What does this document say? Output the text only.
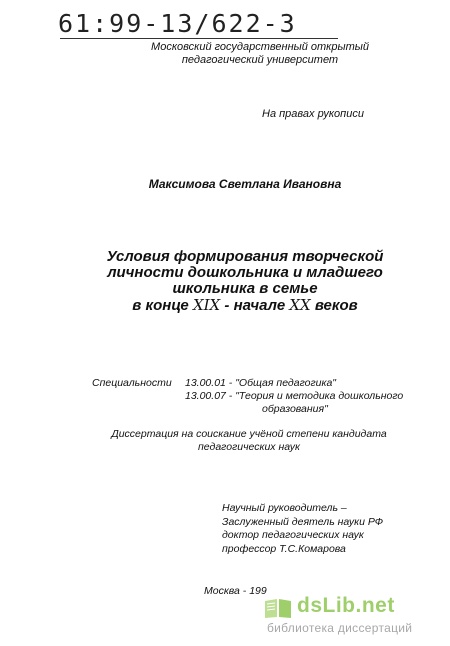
61:99-13/622-3
Московский государственный открытый
педагогический университет
На правах рукописи
Максимова Светлана Ивановна
Условия формирования творческой
личности дошкольника и младшего
школьника в семье
в конце XIX - начале XX веков
Специальности	13.00.01 - "Общая педагогика"
13.00.07 - "Теория и методика дошкольного
образования"
Диссертация на соискание учёной степени кандидата
педагогических наук
Научный руководитель –
Заслуженный деятель науки РФ
доктор педагогических наук
профессор Т.С.Комарова
Москва - 199
dsLib.net
библиотека диссертаций
